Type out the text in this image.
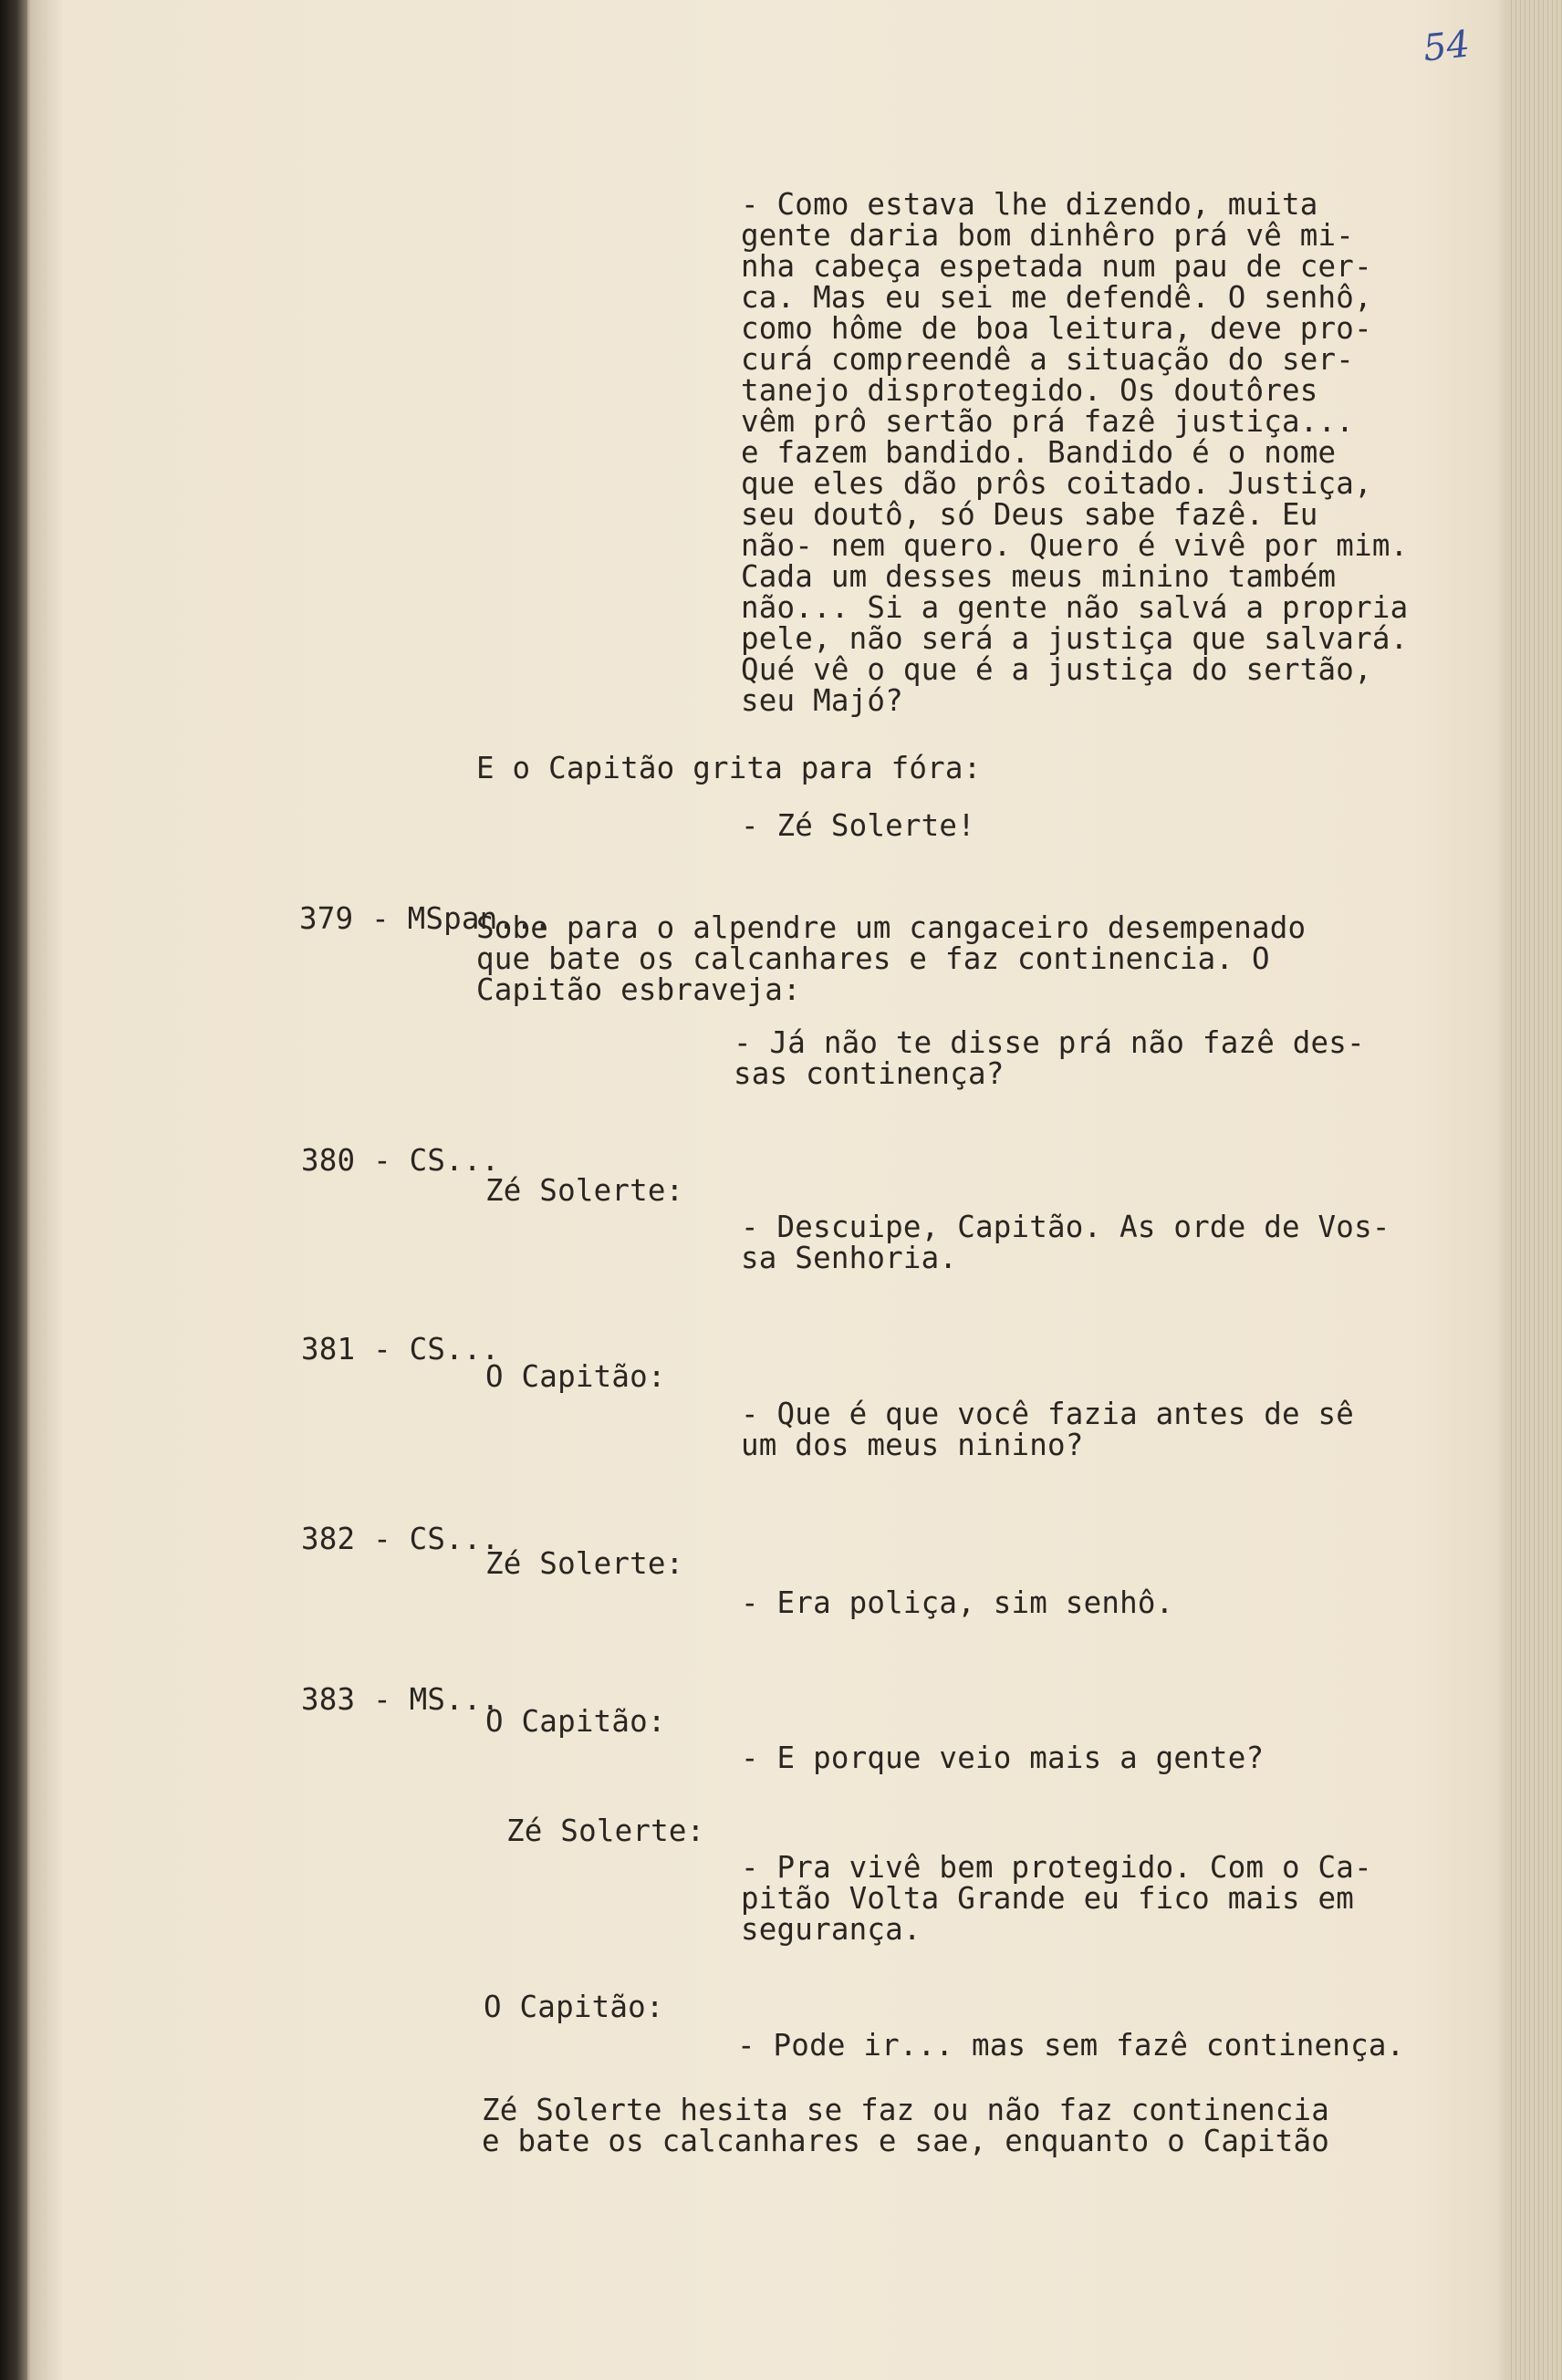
54
- Como estava lhe dizendo, muita
gente daria bom dinhêro prá vê mi-
nha cabeça espetada num pau de cer-
ca. Mas eu sei me defendê. O senhô,
como hôme de boa leitura, deve pro-
curá compreendê a situação do ser-
tanejo disprotegido. Os doutôres
vêm prô sertão prá fazê justiça...
e fazem bandido. Bandido é o nome
que eles dão prôs coitado. Justiça,
seu doutô, só Deus sabe fazê. Eu
não- nem quero. Quero é vivê por mim.
Cada um desses meus minino também
não... Si a gente não salvá a propria
pele, não será a justiça que salvará.
Qué vê o que é a justiça do sertão,
seu Majó?
E o Capitão grita para fóra:
- Zé Solerte!
379 - MSpan...
Sobe para o alpendre um cangaceiro desempenado
que bate os calcanhares e faz continencia. O
Capitão esbraveja:
- Já não te disse prá não fazê des-
sas continença?
380 - CS...
Zé Solerte:
- Descuipe, Capitão. As orde de Vos-
sa Senhoria.
381 - CS...
O Capitão:
- Que é que você fazia antes de sê
um dos meus ninino?
382 - CS...
Zé Solerte:
- Era poliça, sim senhô.
383 - MS...
O Capitão:
- E porque veio mais a gente?
Zé Solerte:
- Pra vivê bem protegido. Com o Ca-
pitão Volta Grande eu fico mais em
segurança.
O Capitão:
- Pode ir... mas sem fazê continença.
Zé Solerte hesita se faz ou não faz continencia
e bate os calcanhares e sae, enquanto o Capitão
